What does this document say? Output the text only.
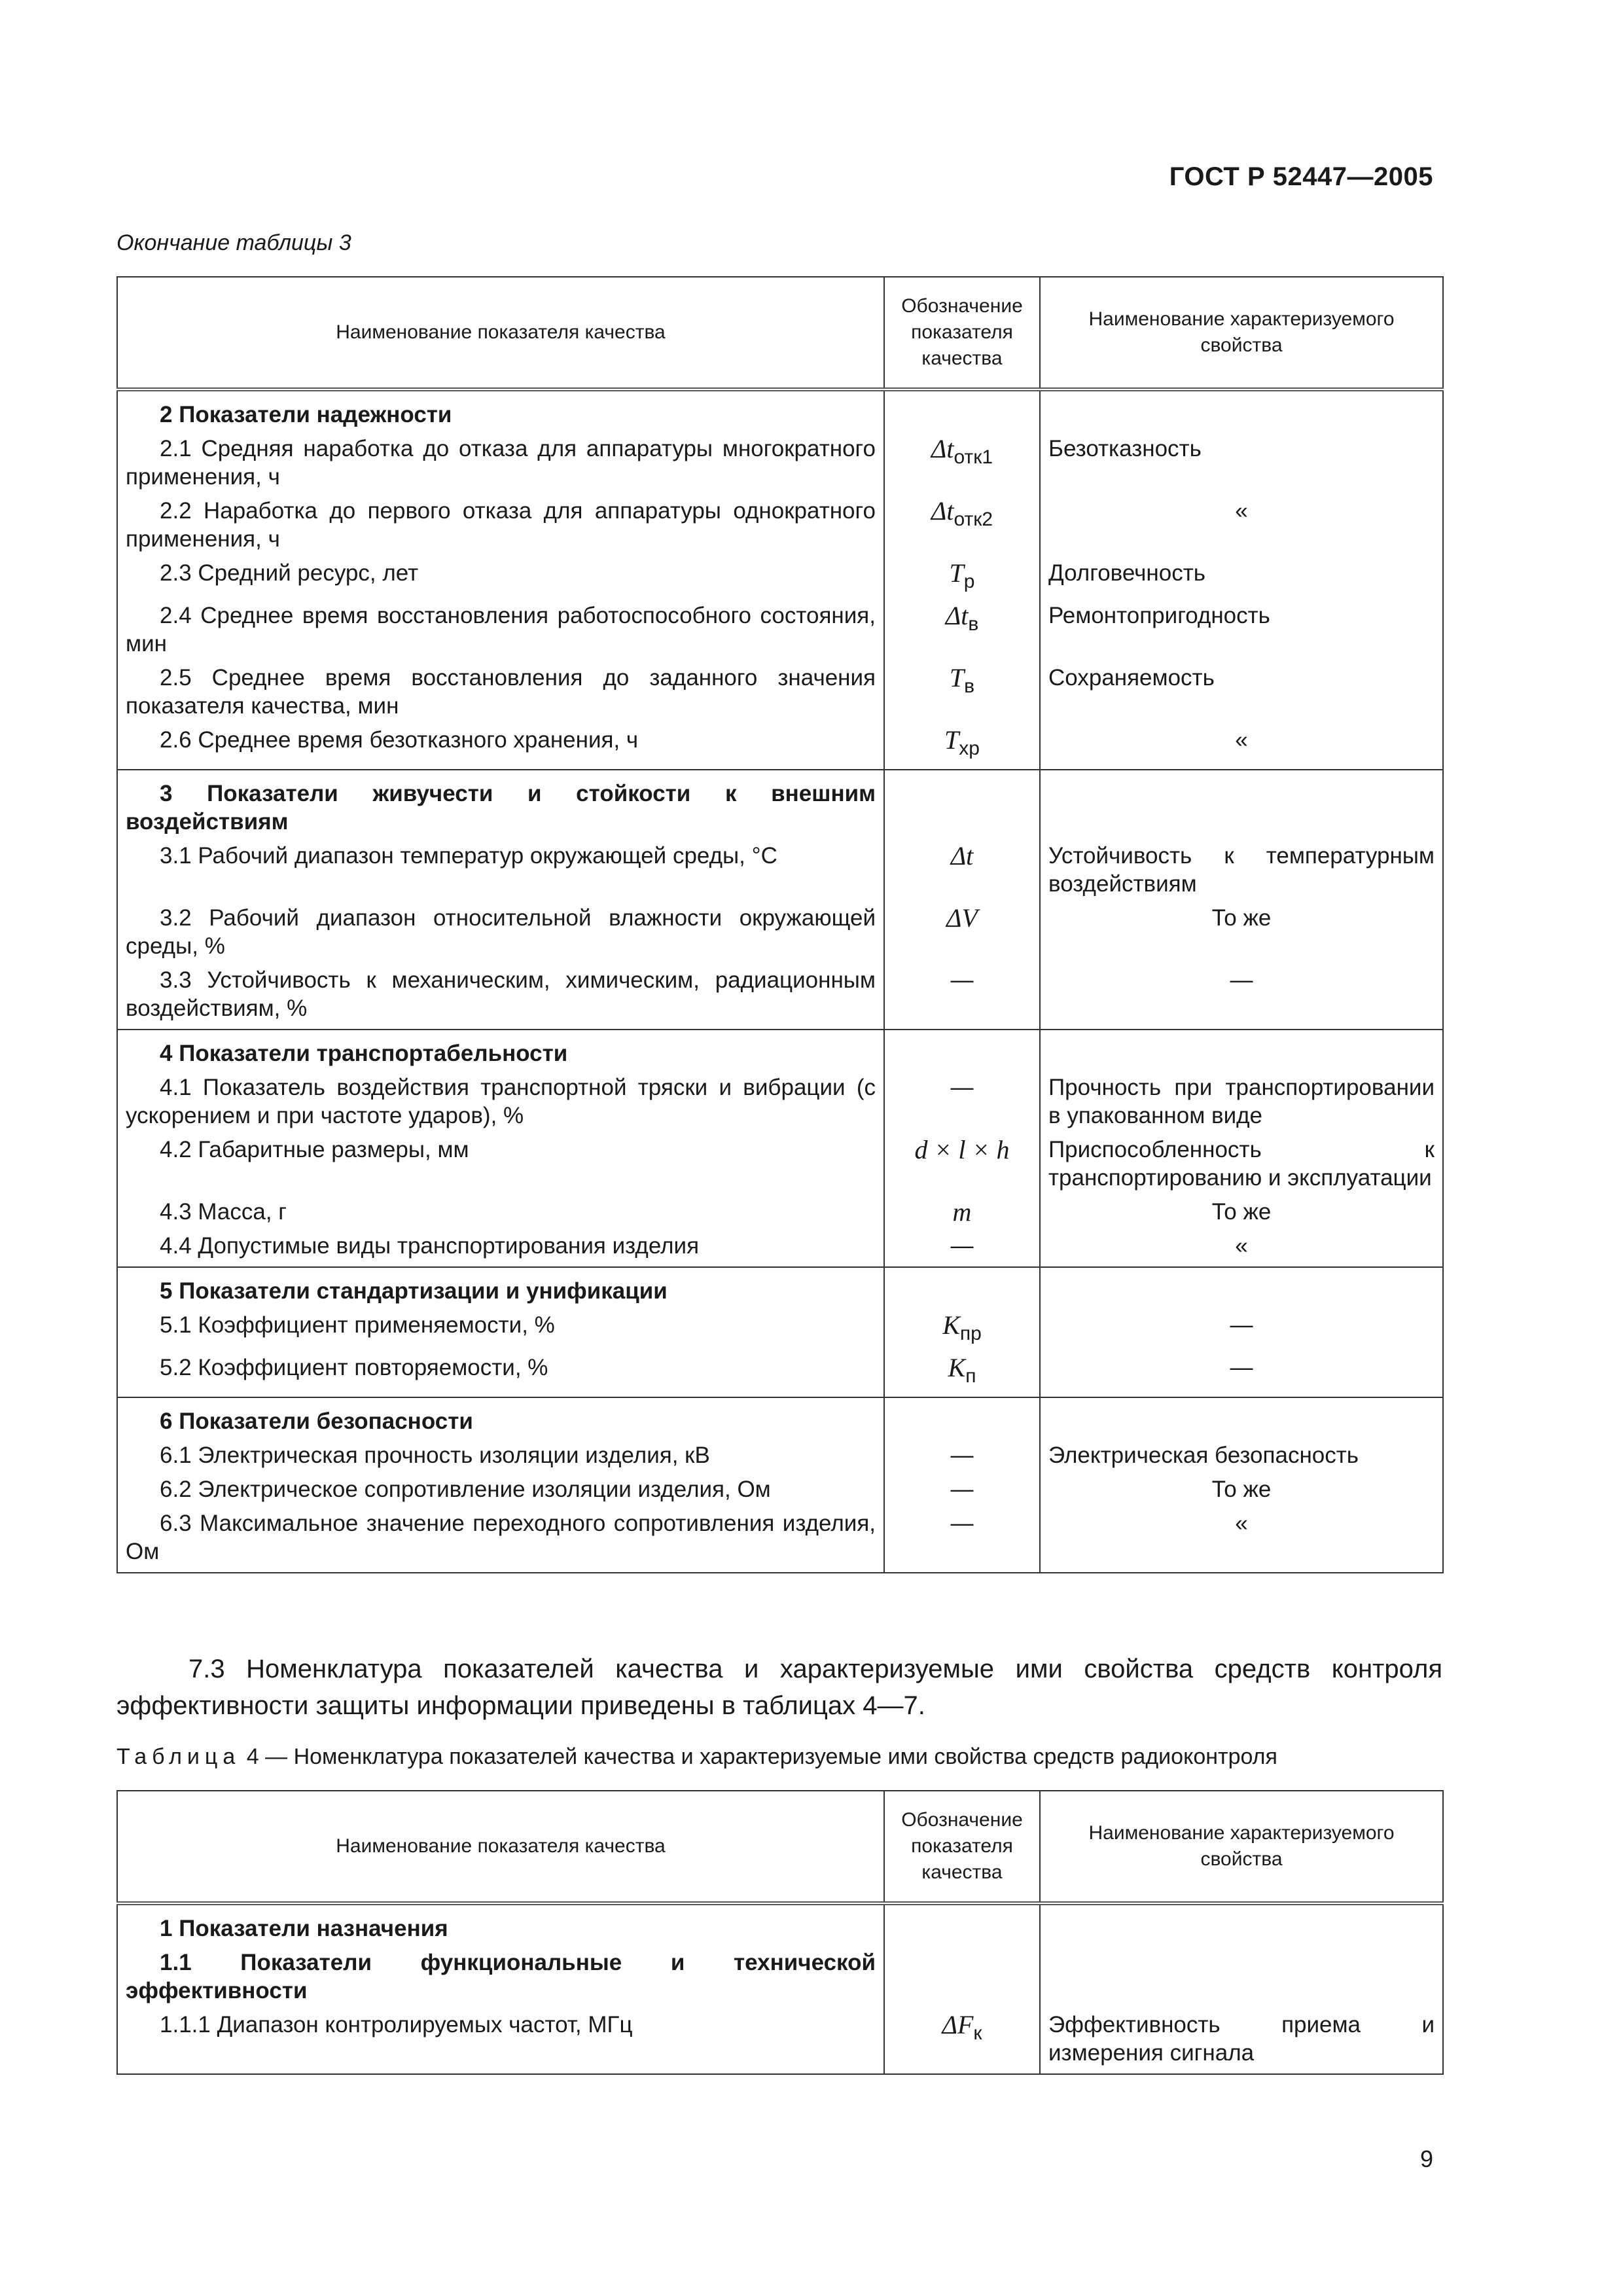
ГОСТ Р 52447—2005
Окончание таблицы 3
Наименование показателя качества	Обозначение показателя качества	Наименование характеризуемого свойства
2 Показатели надежности		
2.1 Средняя наработка до отказа для аппаратуры многократного применения, ч	$\Delta t_{отк1}$	Безотказность
2.2 Наработка до первого отказа для аппаратуры однократного применения, ч	$\Delta t_{отк2}$	«
2.3 Средний ресурс, лет	$T_р$	Долговечность
2.4 Среднее время восстановления работоспособного состояния, мин	$\Delta t_в$	Ремонтопригодность
2.5 Среднее время восстановления до заданного значения показателя качества, мин	$T_в$	Сохраняемость
2.6 Среднее время безотказного хранения, ч	$T_{хр}$	«
3 Показатели живучести и стойкости к внешним воздействиям		
3.1 Рабочий диапазон температур окружающей среды, °C	Δt	Устойчивость к температурным воздействиям
3.2 Рабочий диапазон относительной влажности окружающей среды, %	ΔV	То же
3.3 Устойчивость к механическим, химическим, радиационным воздействиям, %	—	—
4 Показатели транспортабельности		
4.1 Показатель воздействия транспортной тряски и вибрации (с ускорением и при частоте ударов), %	—	Прочность при транспортировании в упакованном виде
4.2 Габаритные размеры, мм	d × l × h	Приспособленность к транспортированию и эксплуатации
4.3 Масса, г	m	То же
4.4 Допустимые виды транспортирования изделия	—	«
5 Показатели стандартизации и унификации		
5.1 Коэффициент применяемости, %	$K_{пр}$	—
5.2 Коэффициент повторяемости, %	$K_п$	—
6 Показатели безопасности		
6.1 Электрическая прочность изоляции изделия, кВ	—	Электрическая безопасность
6.2 Электрическое сопротивление изоляции изделия, Ом	—	То же
6.3 Максимальное значение переходного сопротивления изделия, Ом	—	«
7.3 Номенклатура показателей качества и характеризуемые ими свойства средств контроля эффективности защиты информации приведены в таблицах 4—7.
Таблица 4 — Номенклатура показателей качества и характеризуемые ими свойства средств радиоконтроля
Наименование показателя качества	Обозначение показателя качества	Наименование характеризуемого свойства
1 Показатели назначения		
1.1 Показатели функциональные и технической эффективности		
1.1.1 Диапазон контролируемых частот, МГц	$\Delta F_к$	Эффективность приема и измерения сигнала
9
